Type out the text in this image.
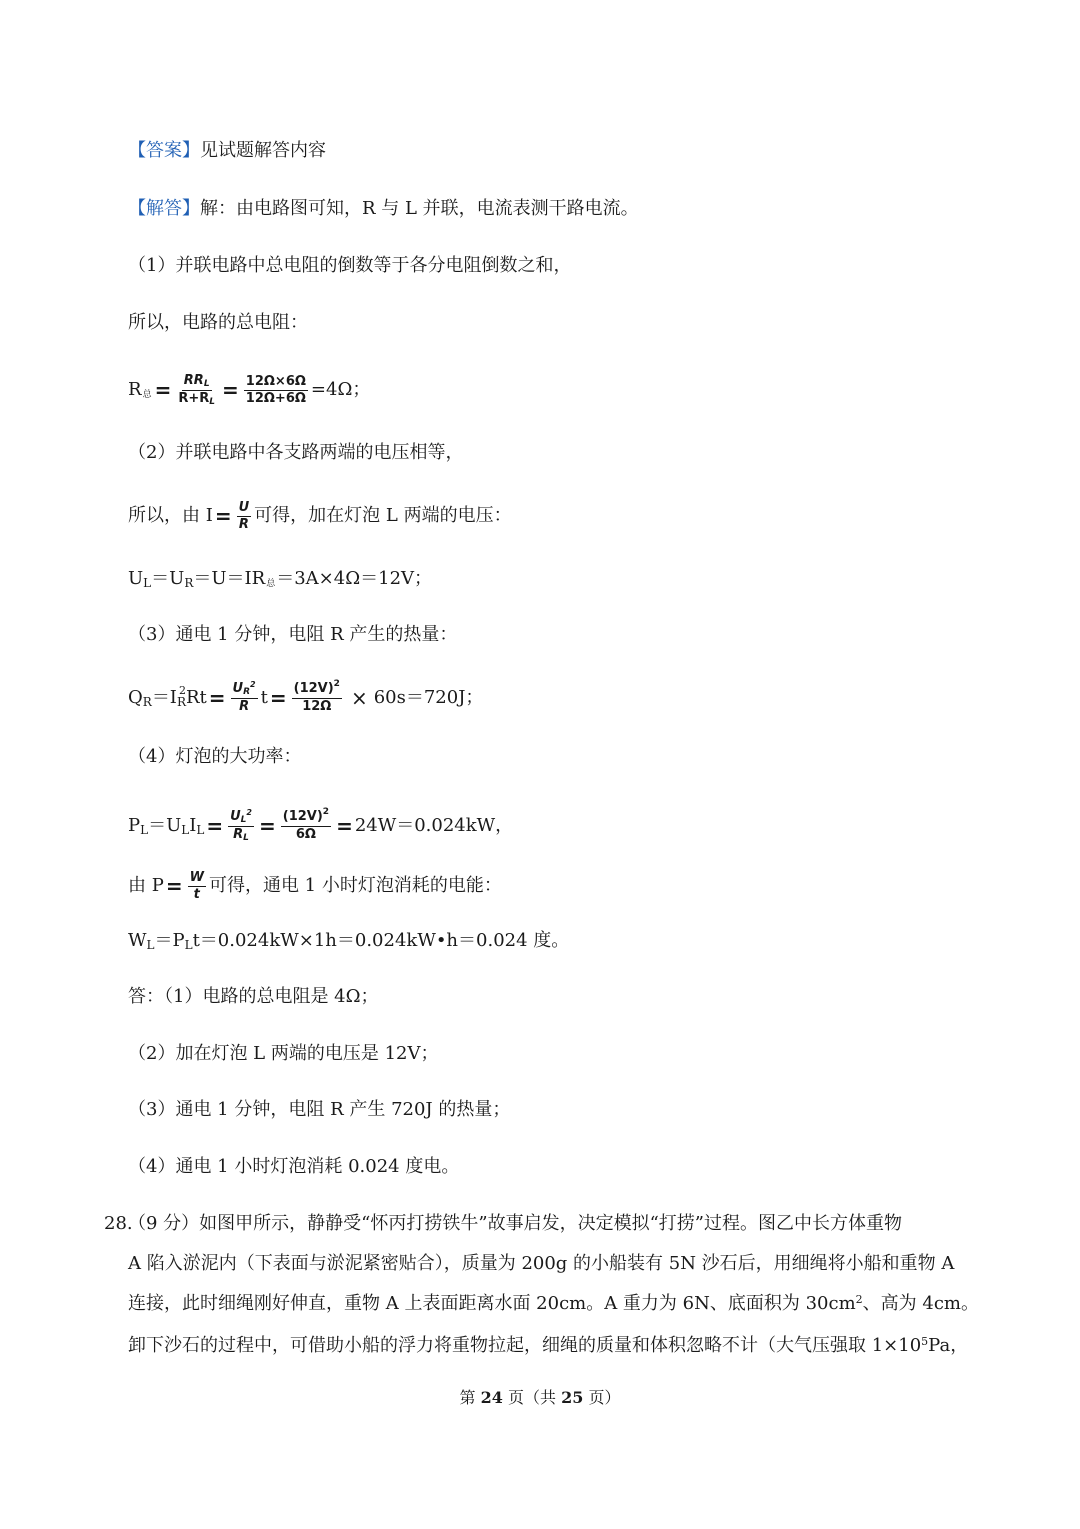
【答案】 见试题解答内容
【解答】 解：由电路图可知，R 与 L 并联，电流表测干路电流。
（1）并联电路中总电阻的倒数等于各分电阻倒数之和，
所以，电路的总电阻：
R 总 = $\frac{\text{RRL}}{R+RL} = \frac{12\Omega\times 6\Omega}{12\Omega+6\Omega} =4\Omega$；
（2）并联电路中各支路两端的电压相等，
所以，由 $I = \frac{U}{R}$ 可得，加在灯泡 L 两端的电压：
U L ＝U R ＝U＝IR 总 ＝3A×4Ω＝12V；
（3）通电 1 分钟，电阻 R 产生的热量：
Q R ＝I R
2 $Rt = \frac{UR^2}{R}$ $t = \frac{(12V)^2}{12\Omega} \times 60s=720J$；
（4）灯泡的大功率：
P L ＝U L I $L = \frac{UL^2}{RL} = \frac{(12V)^2}{6\Omega} = 24W=0.024kW$，
由 $P = \frac{W}{t}$ 可得，通电 1 小时灯泡消耗的电能：
W L ＝P L t＝0.024kW×1h＝0.024kW•h＝0.024 度。
答：（1）电路的总电阻是 4Ω；
（2）加在灯泡 L 两端的电压是 12V；
（3）通电 1 分钟，电阻 R 产生 720J 的热量；
（4）通电 1 小时灯泡消耗 0.024 度电。
28.（9 分）如图甲所示，静静受“怀丙打捞铁牛”故事启发，决定模拟“打捞”过程。图乙中长方体重物
A 陷入淤泥内（下表面与淤泥紧密贴合），质量为 200g 的小船装有 5N 沙石后，用细绳将小船和重物 A
连接，此时细绳刚好伸直，重物 A 上表面距离水面 20cm。A 重力为 6N、底面积为 $30cm^2$、高为 4cm。
卸下沙石的过程中，可借助小船的浮力将重物拉起，细绳的质量和体积忽略不计（大气压强取 $1\times 10^5Pa$，
第 24 页（共 25 页）
